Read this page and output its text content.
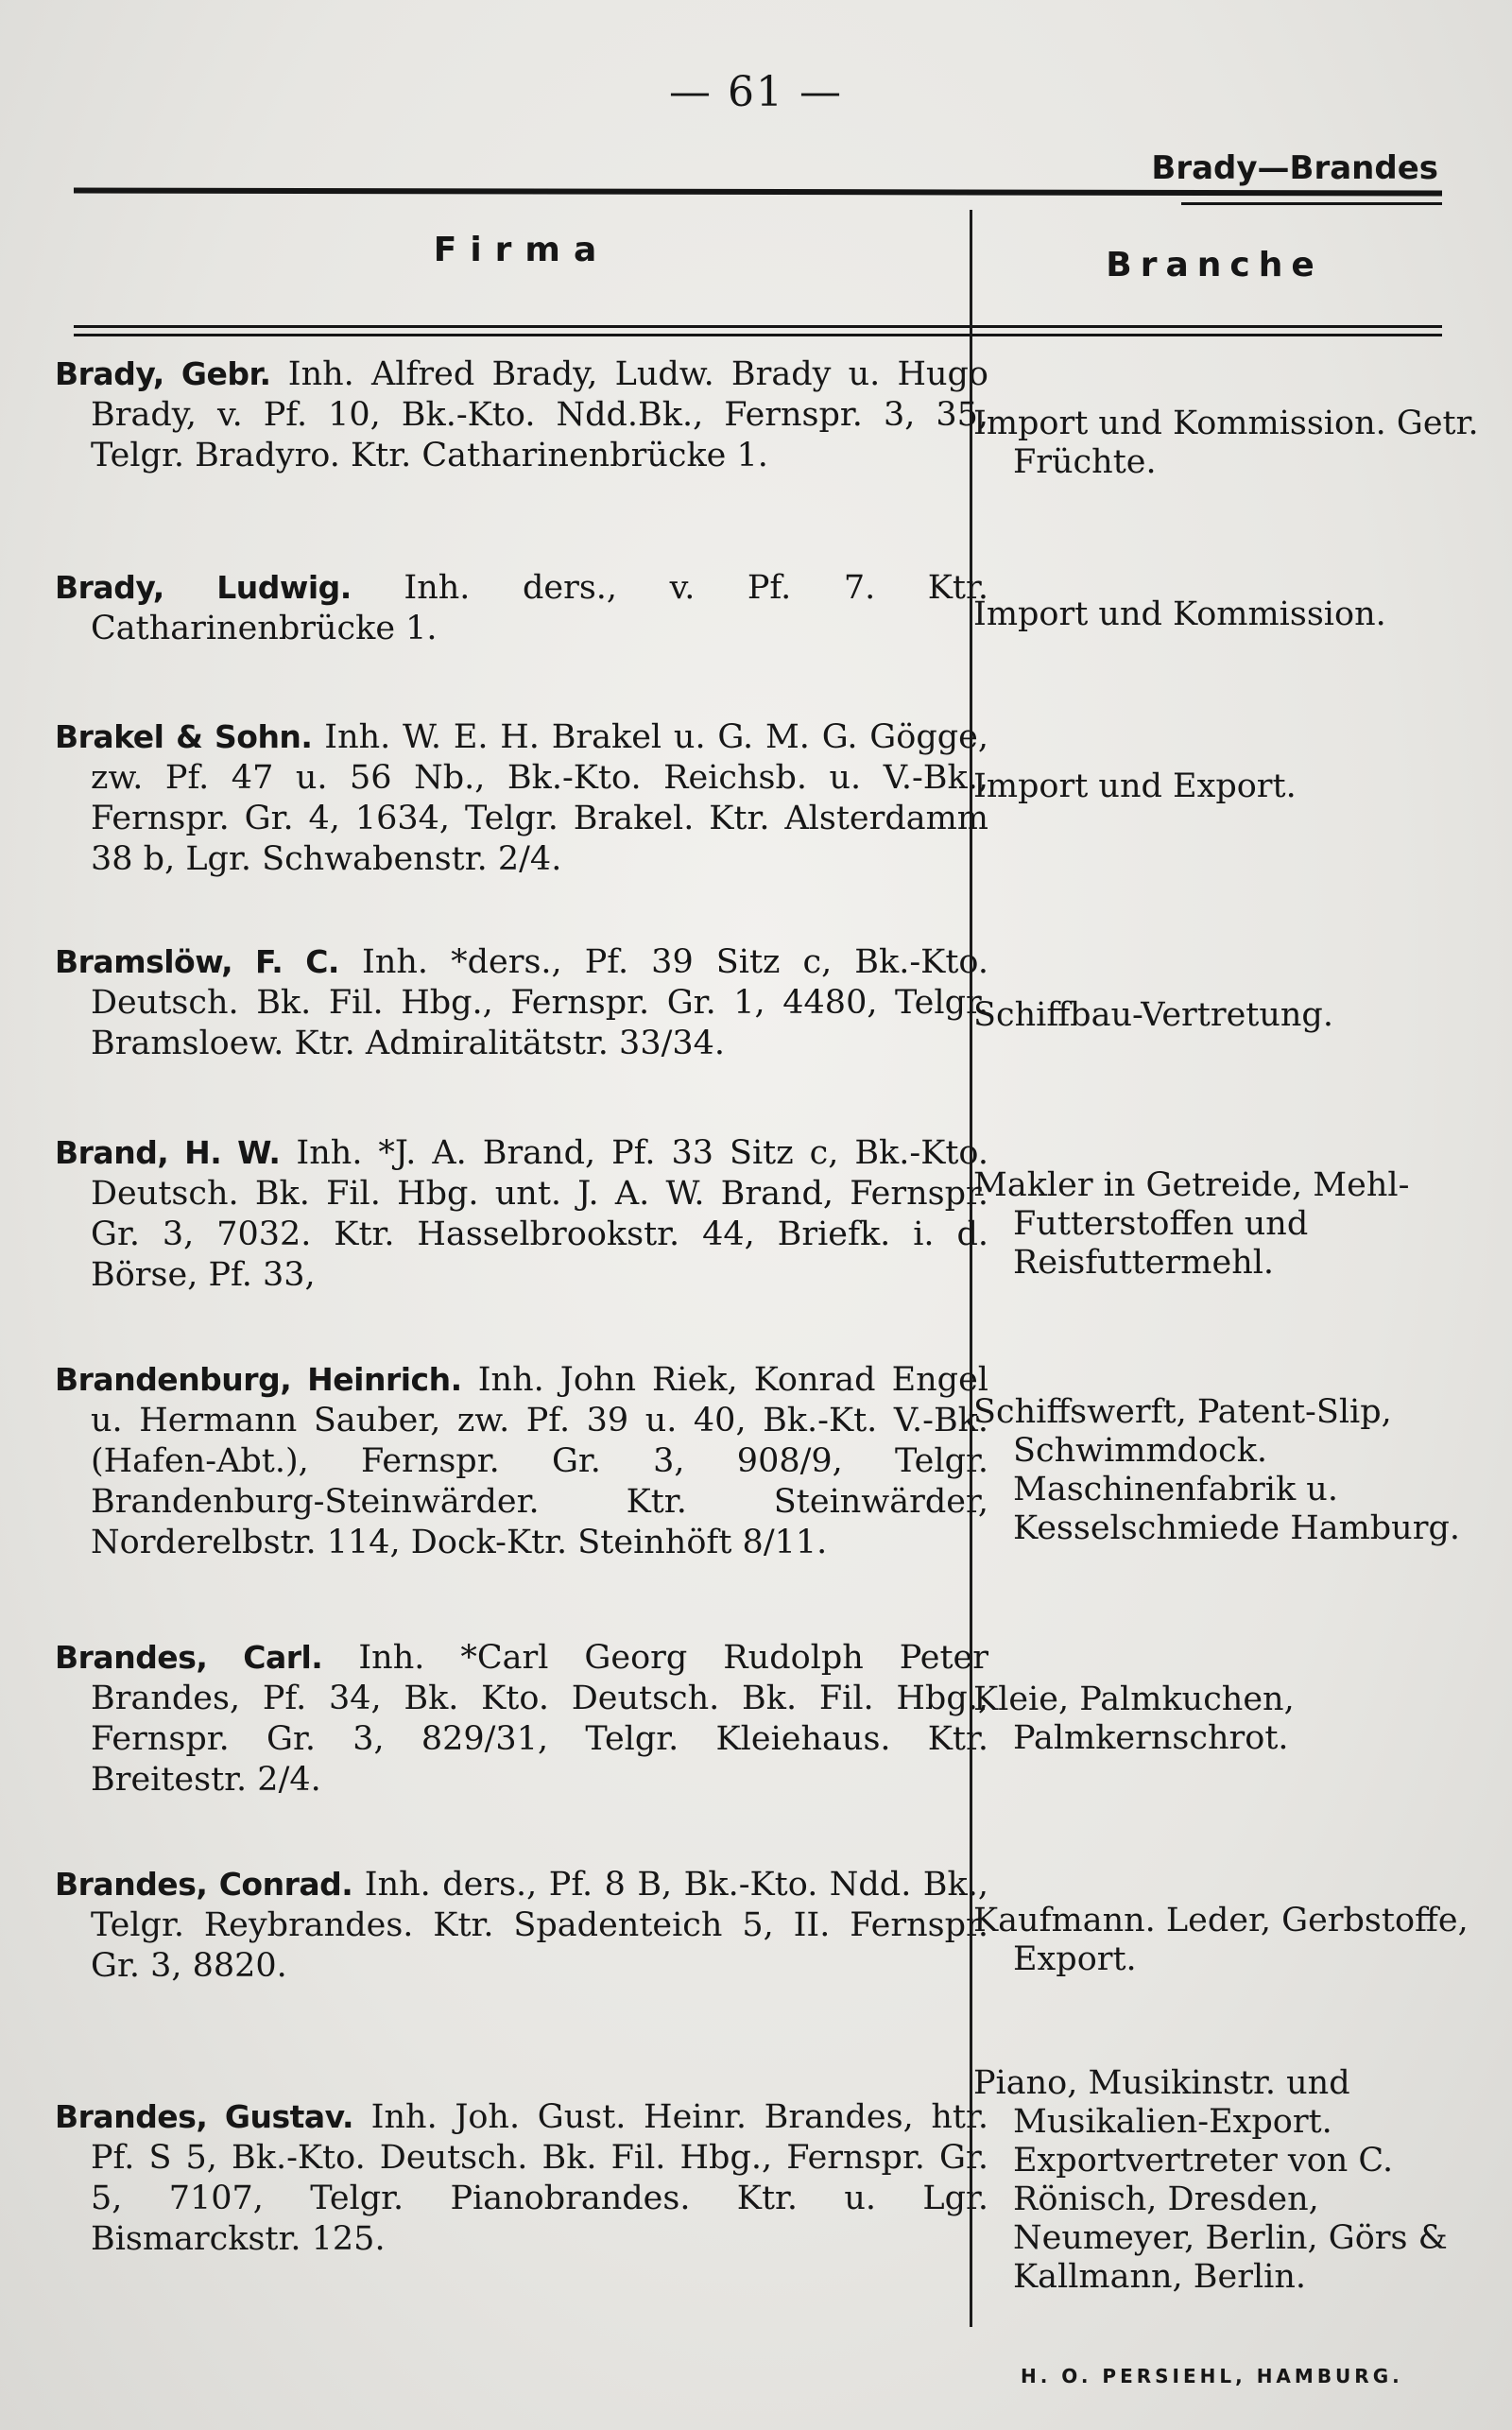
— 61 —
Brady—Brandes
Firma	Branche
Brady, Gebr. Inh. Alfred Brady, Ludw. Brady u. Hugo Brady, v. Pf. 10, Bk.-Kto. Ndd.Bk., Fernspr. 3, 35, Telgr. Bradyro. Ktr. Catharinenbrücke 1.
Import und Kommission. Getr. Früchte.
Brady, Ludwig. Inh. ders., v. Pf. 7. Ktr. Catharinenbrücke 1.	Import und Kommission.
Brakel & Sohn. Inh. W. E. H. Brakel u. G. M. G. Gögge, zw. Pf. 47 u. 56 Nb., Bk.-Kto. Reichsb. u. V.-Bk., Fernspr. Gr. 4, 1634, Telgr. Brakel. Ktr. Alsterdamm 38 b, Lgr. Schwabenstr. 2/4.
Import und Export.
Bramslöw, F. C. Inh. *ders., Pf. 39 Sitz c, Bk.-Kto. Deutsch. Bk. Fil. Hbg., Fernspr. Gr. 1, 4480, Telgr. Bramsloew. Ktr. Admiralitätstr. 33/34.
Schiffbau-Vertretung.
Brand, H. W. Inh. *J. A. Brand, Pf. 33 Sitz c, Bk.-Kto. Deutsch. Bk. Fil. Hbg. unt. J. A. W. Brand, Fernspr. Gr. 3, 7032. Ktr. Hasselbrookstr. 44, Briefk. i. d. Börse, Pf. 33,
Makler in Getreide, Mehl-Futterstoffen und Reisfuttermehl.
Brandenburg, Heinrich. Inh. John Riek, Konrad Engel u. Hermann Sauber, zw. Pf. 39 u. 40, Bk.-Kt. V.-Bk. (Hafen-Abt.), Fernspr. Gr. 3, 908/9, Telgr. Brandenburg-Steinwärder. Ktr. Steinwärder, Norderelbstr. 114, Dock-Ktr. Steinhöft 8/11.
Schiffswerft, Patent-Slip, Schwimmdock. Maschinenfabrik u. Kesselschmiede Hamburg.
Brandes, Carl. Inh. *Carl Georg Rudolph Peter Brandes, Pf. 34, Bk. Kto. Deutsch. Bk. Fil. Hbg., Fernspr. Gr. 3, 829/31, Telgr. Kleiehaus. Ktr. Breitestr. 2/4.
Kleie, Palmkuchen, Palmkernschrot.
Brandes, Conrad. Inh. ders., Pf. 8 B, Bk.-Kto. Ndd. Bk., Telgr. Reybrandes. Ktr. Spadenteich 5, II. Fernspr. Gr. 3, 8820.
Kaufmann. Leder, Gerbstoffe, Export.
Brandes, Gustav. Inh. Joh. Gust. Heinr. Brandes, htr. Pf. S 5, Bk.-Kto. Deutsch. Bk. Fil. Hbg., Fernspr. Gr. 5, 7107, Telgr. Pianobrandes. Ktr. u. Lgr. Bismarckstr. 125.
Piano, Musikinstr. und Musikalien-Export. Exportvertreter von C. Rönisch, Dresden, Neumeyer, Berlin, Görs & Kallmann, Berlin.
H. O. PERSIEHL, HAMBURG.
